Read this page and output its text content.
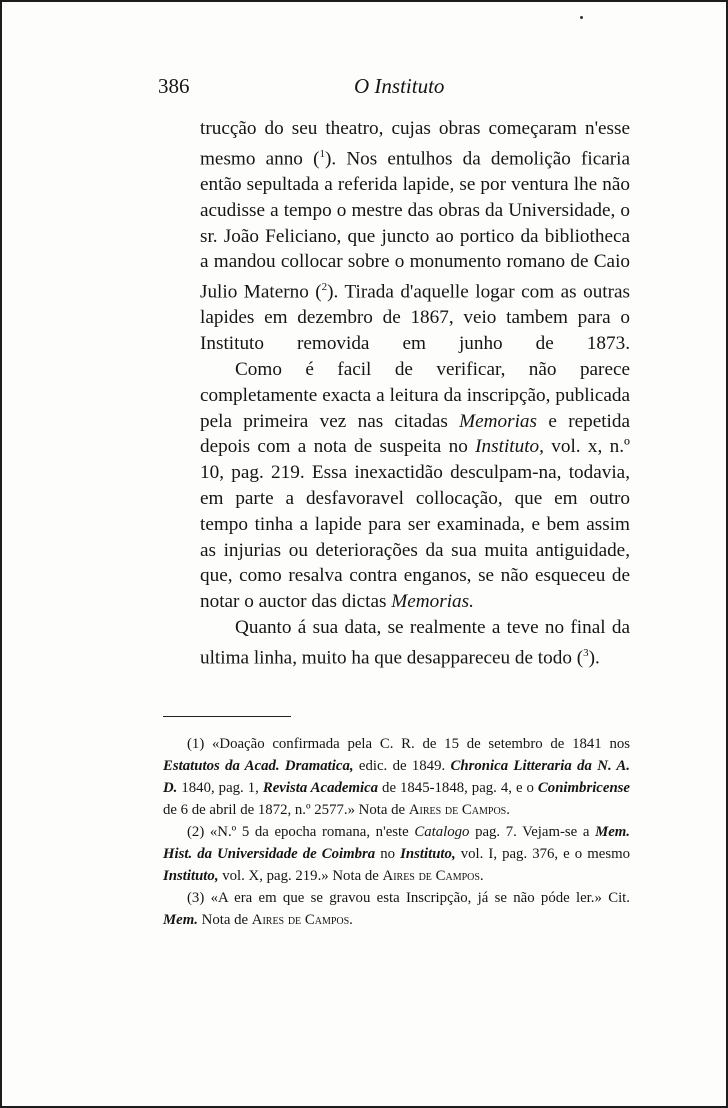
386	O Instituto

trucção do seu theatro, cujas obras começaram n'esse mesmo anno ($^1$). Nos entulhos da demolição ficaria então sepultada a referida lapide, se por ventura lhe não acudisse a tempo o mestre das obras da Universidade, o sr. João Feliciano, que juncto ao portico da bibliotheca a mandou collocar sobre o monumento romano de Caio Julio Materno ($^2$). Tirada d'aquelle logar com as outras lapides em dezembro de 1867, veio tambem para o Instituto removida em junho de 1873.

Como é facil de verificar, não parece completamente exacta a leitura da inscripção, publicada pela primeira vez nas citadas Memorias e repetida depois com a nota de suspeita no Instituto, vol. x, n.º 10, pag. 219. Essa inexactidão desculpam-na, todavia, em parte a desfavoravel collocação, que em outro tempo tinha a lapide para ser examinada, e bem assim as injurias ou deteriorações da sua muita antiguidade, que, como resalva contra enganos, se não esqueceu de notar o auctor das dictas Memorias.

Quanto á sua data, se realmente a teve no final da ultima linha, muito ha que desappareceu de todo ($^3$).

(1) «Doação confirmada pela C. R. de 15 de setembro de 1841 nos Estatutos da Acad. Dramatica, edic. de 1849. Chronica Litteraria da N. A. D. 1840, pag. 1, Revista Academica de 1845-1848, pag. 4, e o Conimbricense de 6 de abril de 1872, n.º 2577.» Nota de Aires de Campos.

(2) «N.º 5 da epocha romana, n'este Catalogo pag. 7. Vejam-se a Mem. Hist. da Universidade de Coimbra no Instituto, vol. I, pag. 376, e o mesmo Instituto, vol. X, pag. 219.» Nota de Aires de Campos.

(3) «A era em que se gravou esta Inscripção, já se não póde ler.» Cit. Mem. Nota de Aires de Campos.
